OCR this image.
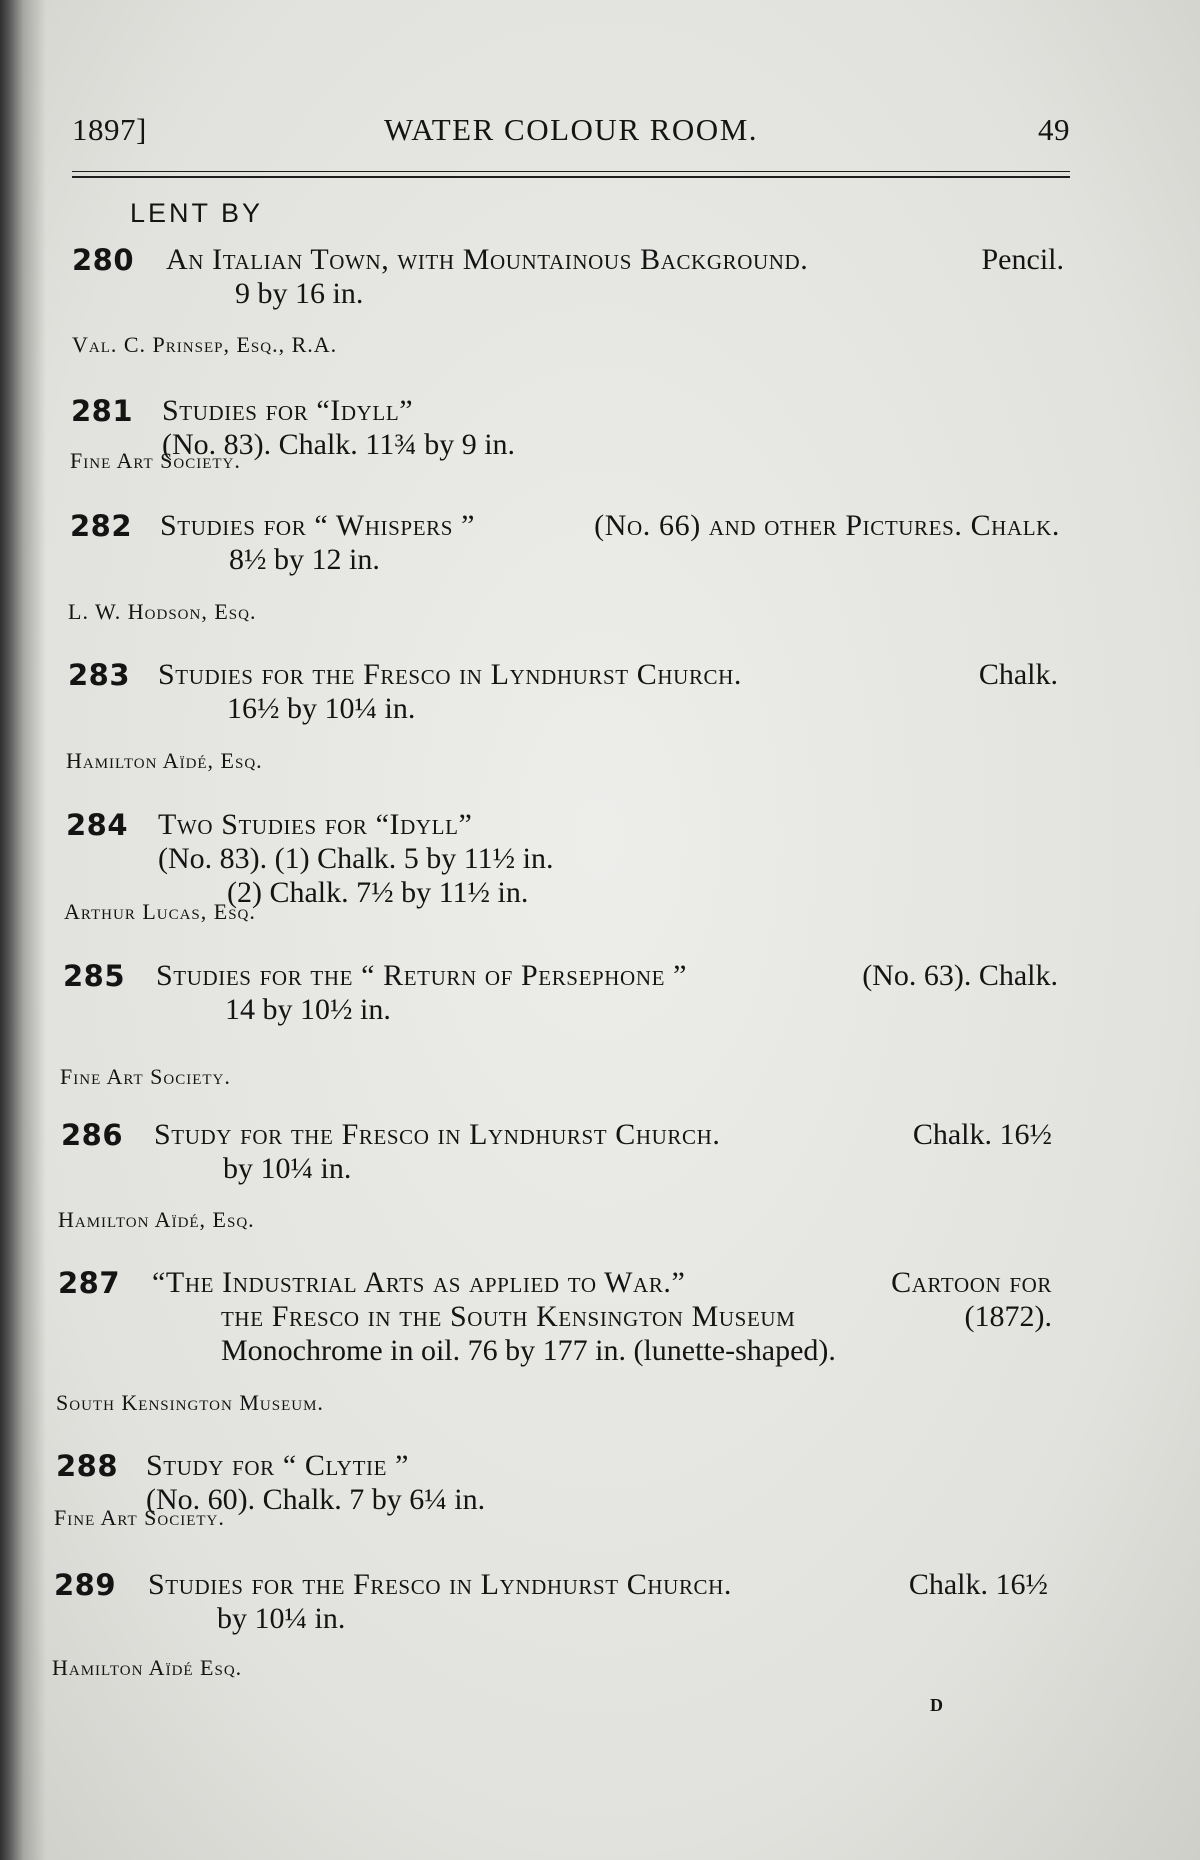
1897]	WATER COLOUR ROOM.	49
LENT BY
280 An Italian Town, with Mountainous Background.	Pencil.
9 by 16 in.
Val. C. Prinsep, Esq., R.A.
281 Studies for “Idyll”
(No. 83). Chalk. 11¾ by 9 in.
Fine Art Society.
282 Studies for “ Whispers ”	(No. 66) and other Pictures. Chalk.
8½ by 12 in.
L. W. Hodson, Esq.
283 Studies for the Fresco in Lyndhurst Church.	Chalk.
16½ by 10¼ in.
Hamilton Aïdé, Esq.
284 Two Studies for “Idyll”
(No. 83). (1) Chalk. 5 by 11½ in.
(2) Chalk. 7½ by 11½ in.
Arthur Lucas, Esq.
285 Studies for the “ Return of Persephone ”	(No. 63). Chalk.
14 by 10½ in.
Fine Art Society.
286 Study for the Fresco in Lyndhurst Church.	Chalk. 16½
by 10¼ in.
Hamilton Aïdé, Esq.
287 “The Industrial Arts as applied to War.”	Cartoon for
the Fresco in the South Kensington Museum	(1872).
Monochrome in oil. 76 by 177 in. (lunette-shaped).
South Kensington Museum.
288 Study for “ Clytie ”
(No. 60). Chalk. 7 by 6¼ in.
Fine Art Society.
289 Studies for the Fresco in Lyndhurst Church.	Chalk. 16½
by 10¼ in.
Hamilton Aïdé Esq.
D
